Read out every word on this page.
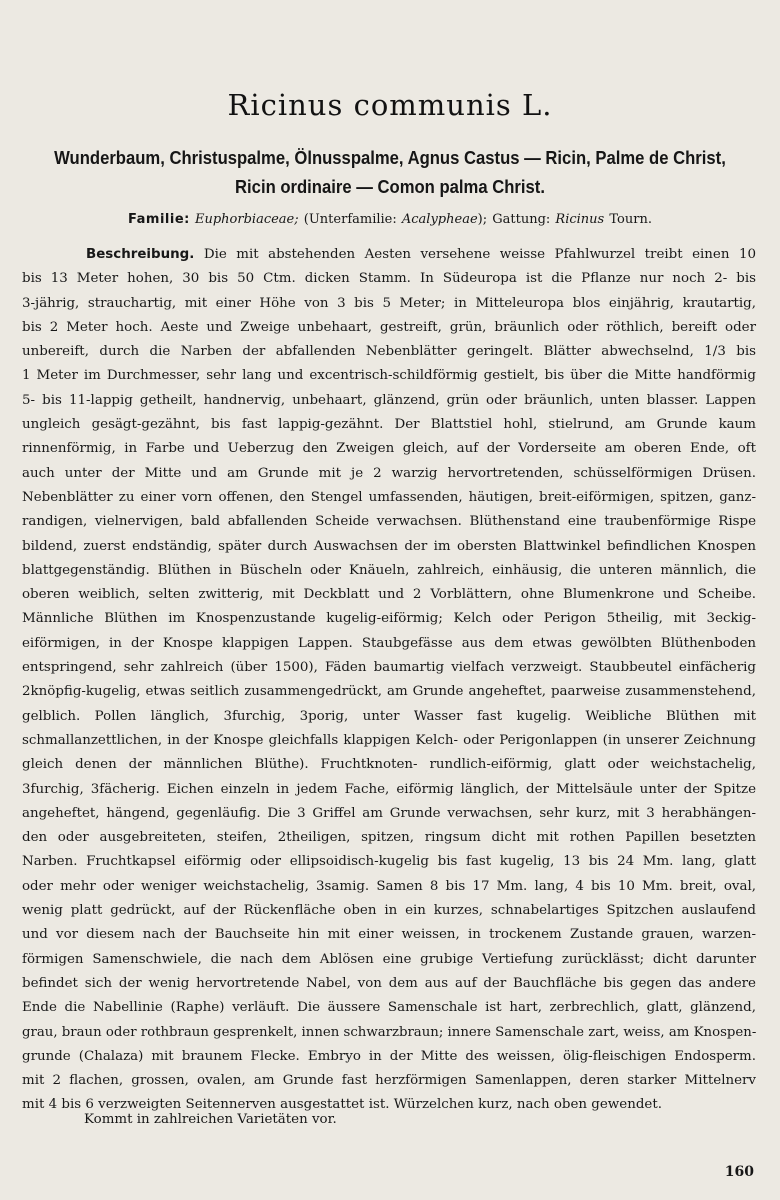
Ricinus communis L.
Wunderbaum, Christuspalme, Ölnusspalme, Agnus Castus — Ricin, Palme de Christ,
Ricin ordinaire — Comon palma Christ.

Familie: Euphorbiaceae; (Unterfamilie: Acalypheae); Gattung: Ricinus Tourn.

Beschreibung. Die mit abstehenden Aesten versehene weisse Pfahlwurzel treibt einen 10
bis 13 Meter hohen, 30 bis 50 Ctm. dicken Stamm. In Südeuropa ist die Pflanze nur noch 2- bis
3-jährig, strauchartig, mit einer Höhe von 3 bis 5 Meter; in Mitteleuropa blos einjährig, krautartig,
bis 2 Meter hoch. Aeste und Zweige unbehaart, gestreift, grün, bräunlich oder röthlich, bereift oder
unbereift, durch die Narben der abfallenden Nebenblätter geringelt. Blätter abwechselnd, 1/3 bis
1 Meter im Durchmesser, sehr lang und excentrisch-schildförmig gestielt, bis über die Mitte handförmig
5- bis 11-lappig getheilt, handnervig, unbehaart, glänzend, grün oder bräunlich, unten blasser. Lappen
ungleich gesägt-gezähnt, bis fast lappig-gezähnt. Der Blattstiel hohl, stielrund, am Grunde kaum
rinnenförmig, in Farbe und Ueberzug den Zweigen gleich, auf der Vorderseite am oberen Ende, oft
auch unter der Mitte und am Grunde mit je 2 warzig hervortretenden, schüsselförmigen Drüsen.
Nebenblätter zu einer vorn offenen, den Stengel umfassenden, häutigen, breit-eiförmigen, spitzen, ganz-
randigen, vielnervigen, bald abfallenden Scheide verwachsen. Blüthenstand eine traubenförmige Rispe
bildend, zuerst endständig, später durch Auswachsen der im obersten Blattwinkel befindlichen Knospen
blattgegenständig. Blüthen in Büscheln oder Knäueln, zahlreich, einhäusig, die unteren männlich, die
oberen weiblich, selten zwitterig, mit Deckblatt und 2 Vorblättern, ohne Blumenkrone und Scheibe.
Männliche Blüthen im Knospenzustande kugelig-eiförmig; Kelch oder Perigon 5theilig, mit 3eckig-
eiförmigen, in der Knospe klappigen Lappen. Staubgefässe aus dem etwas gewölbten Blüthenboden
entspringend, sehr zahlreich (über 1500), Fäden baumartig vielfach verzweigt. Staubbeutel einfächerig
2knöpfig-kugelig, etwas seitlich zusammengedrückt, am Grunde angeheftet, paarweise zusammenstehend,
gelblich. Pollen länglich, 3furchig, 3porig, unter Wasser fast kugelig. Weibliche Blüthen mit
schmallanzettlichen, in der Knospe gleichfalls klappigen Kelch- oder Perigonlappen (in unserer Zeichnung
gleich denen der männlichen Blüthe). Fruchtknoten- rundlich-eiförmig, glatt oder weichstachelig,
3furchig, 3fächerig. Eichen einzeln in jedem Fache, eiförmig länglich, der Mittelsäule unter der Spitze
angeheftet, hängend, gegenläufig. Die 3 Griffel am Grunde verwachsen, sehr kurz, mit 3 herabhängen-
den oder ausgebreiteten, steifen, 2theiligen, spitzen, ringsum dicht mit rothen Papillen besetzten
Narben. Fruchtkapsel eiförmig oder ellipsoidisch-kugelig bis fast kugelig, 13 bis 24 Mm. lang, glatt
oder mehr oder weniger weichstachelig, 3samig. Samen 8 bis 17 Mm. lang, 4 bis 10 Mm. breit, oval,
wenig platt gedrückt, auf der Rückenfläche oben in ein kurzes, schnabelartiges Spitzchen auslaufend
und vor diesem nach der Bauchseite hin mit einer weissen, in trockenem Zustande grauen, warzen-
förmigen Samenschwiele, die nach dem Ablösen eine grubige Vertiefung zurücklässt; dicht darunter
befindet sich der wenig hervortretende Nabel, von dem aus auf der Bauchfläche bis gegen das andere
Ende die Nabellinie (Raphe) verläuft. Die äussere Samenschale ist hart, zerbrechlich, glatt, glänzend,
grau, braun oder rothbraun gesprenkelt, innen schwarzbraun; innere Samenschale zart, weiss, am Knospen-
grunde (Chalaza) mit braunem Flecke. Embryo in der Mitte des weissen, ölig-fleischigen Endosperm.
mit 2 flachen, grossen, ovalen, am Grunde fast herzförmigen Samenlappen, deren starker Mittelnerv
mit 4 bis 6 verzweigten Seitennerven ausgestattet ist. Würzelchen kurz, nach oben gewendet.

Kommt in zahlreichen Varietäten vor.

160
